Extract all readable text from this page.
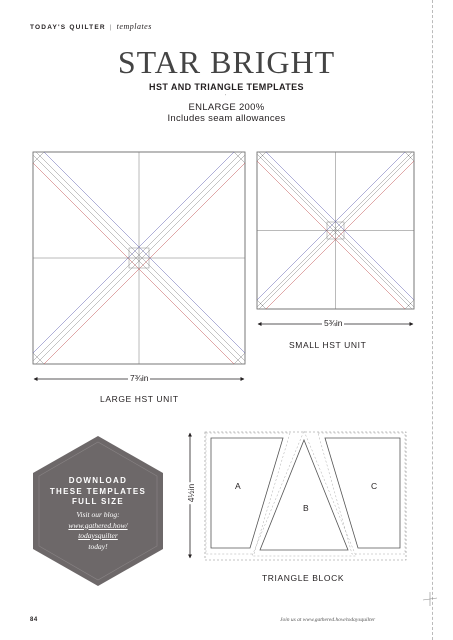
TODAY'S QUILTER | templates
STAR BRIGHT
HST AND TRIANGLE TEMPLATES
'
ENLARGE 200%
Includes seam allowances
7¾in
LARGE HST UNIT
5¾in
SMALL HST UNIT
4½in
TRIANGLE BLOCK
A
B
C
DOWNLOAD
THESE TEMPLATES
FULL SIZE
Visit our blog:
www.gathered.how/
todaysquilter
today!
84	Join us at www.gathered.how/todaysquilter
